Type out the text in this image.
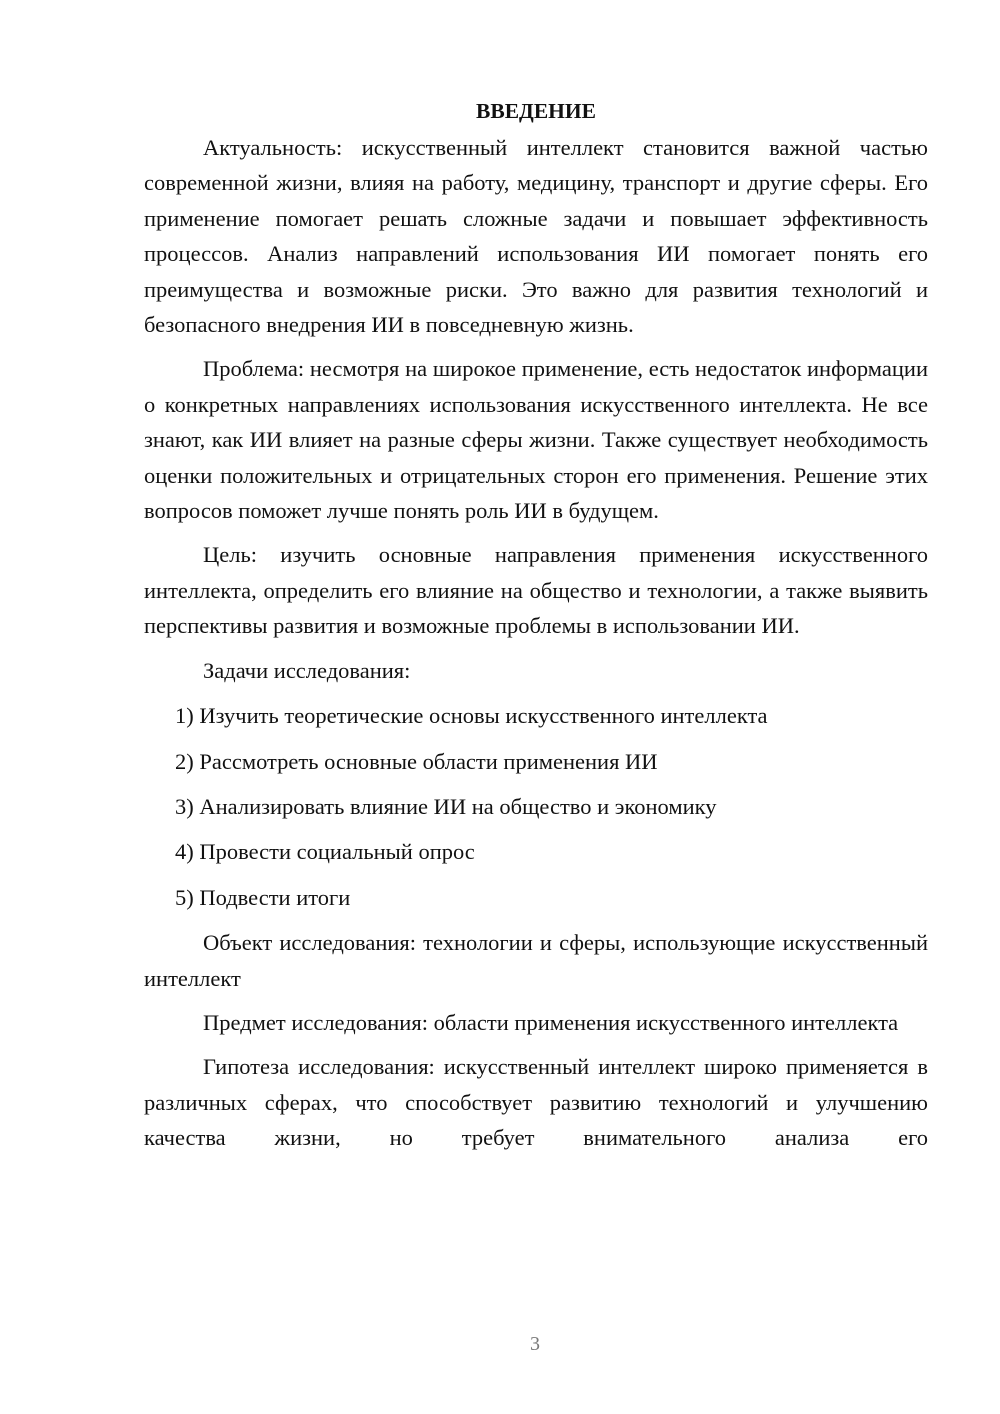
ВВЕДЕНИЕ

Актуальность: искусственный интеллект становится важной частью современной жизни, влияя на работу, медицину, транспорт и другие сферы. Его применение помогает решать сложные задачи и повышает эффективность процессов. Анализ направлений использования ИИ помогает понять его преимущества и возможные риски. Это важно для развития технологий и безопасного внедрения ИИ в повседневную жизнь.

Проблема: несмотря на широкое применение, есть недостаток информации о конкретных направлениях использования искусственного интеллекта. Не все знают, как ИИ влияет на разные сферы жизни. Также существует необходимость оценки положительных и отрицательных сторон его применения. Решение этих вопросов поможет лучше понять роль ИИ в будущем.

Цель: изучить основные направления применения искусственного интеллекта, определить его влияние на общество и технологии, а также выявить перспективы развития и возможные проблемы в использовании ИИ.

Задачи исследования:

1) Изучить теоретические основы искусственного интеллекта
2) Рассмотреть основные области применения ИИ
3) Анализировать влияние ИИ на общество и экономику
4) Провести социальный опрос
5) Подвести итоги

Объект исследования: технологии и сферы, использующие искусственный интеллект

Предмет исследования: области применения искусственного интеллекта

Гипотеза исследования: искусственный интеллект широко применяется в различных сферах, что способствует развитию технологий и улучшению качества жизни, но требует внимательного анализа его

3
